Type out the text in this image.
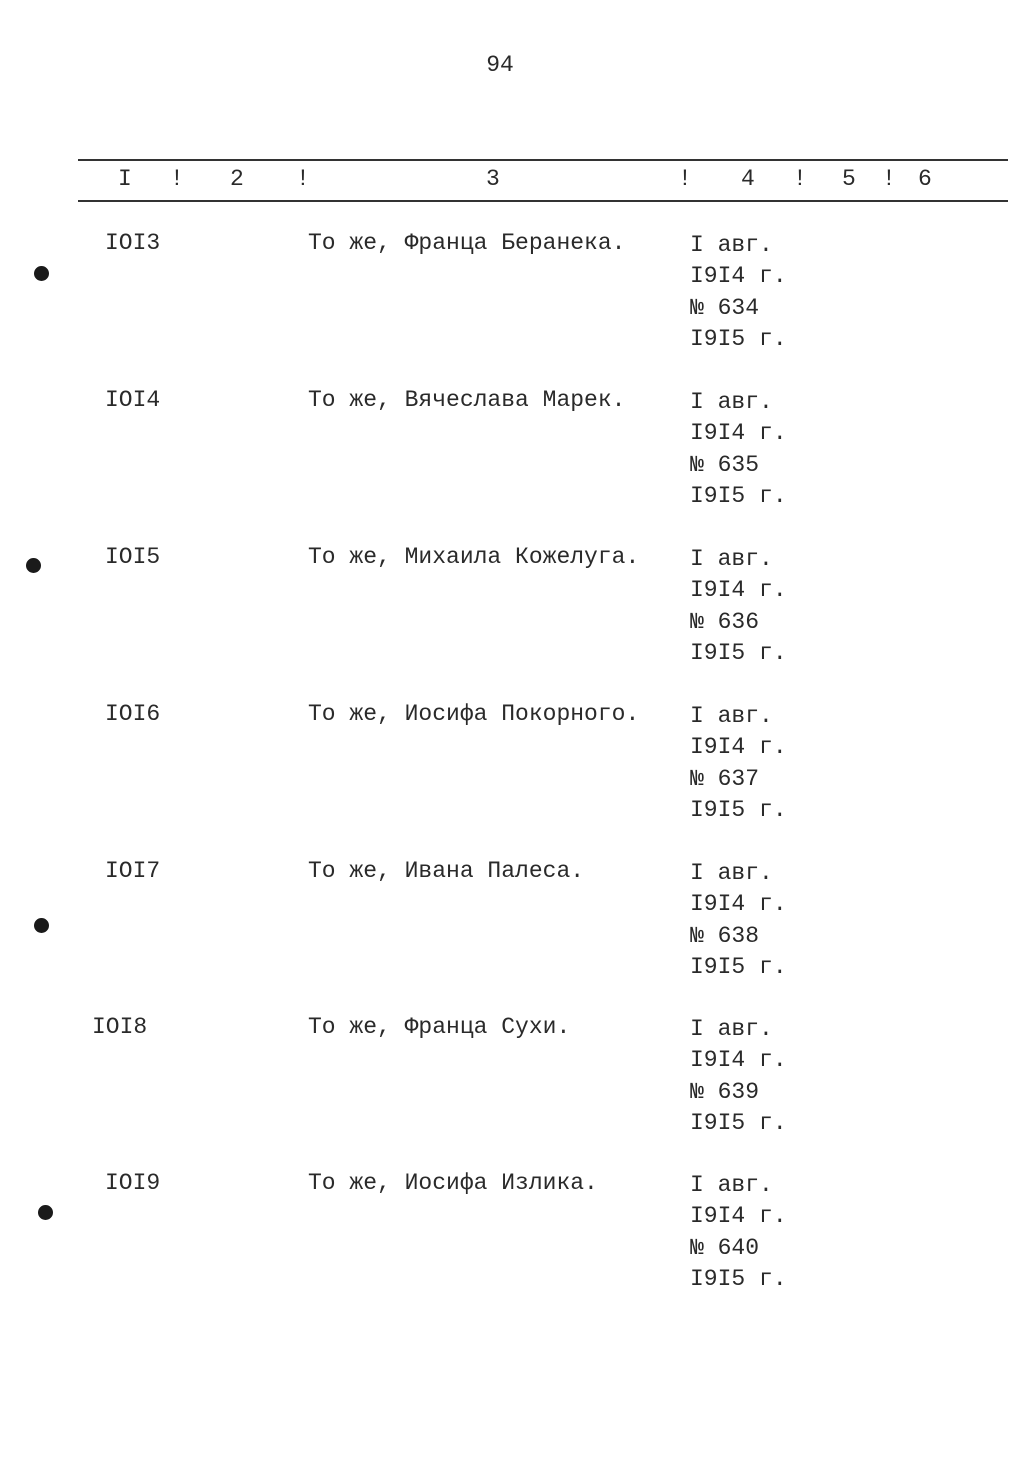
94
I ! 2 !	3	! 4 ! 5 ! 6
IOI3	То же, Франца Беранека.	I авг.
I9I4 г.
№ 634
I9I5 г.
IOI4	То же, Вячеслава Марек.	I авг.
I9I4 г.
№ 635
I9I5 г.
IOI5	То же, Михаила Кожелуга. I авг.
I9I4 г.
№ 636
I9I5 г.
IOI6	То же, Иосифа Покорного. I авг.
I9I4 г.
№ 637
I9I5 г.
IOI7	То же, Ивана Палеса.	I авг.
I9I4 г.
№ 638
I9I5 г.
IOI8	То же, Франца Сухи.	I авг.
I9I4 г.
№ 639
I9I5 г.
IOI9	То же, Иосифа Излика.	I авг.
I9I4 г.
№ 640
I9I5 г.
